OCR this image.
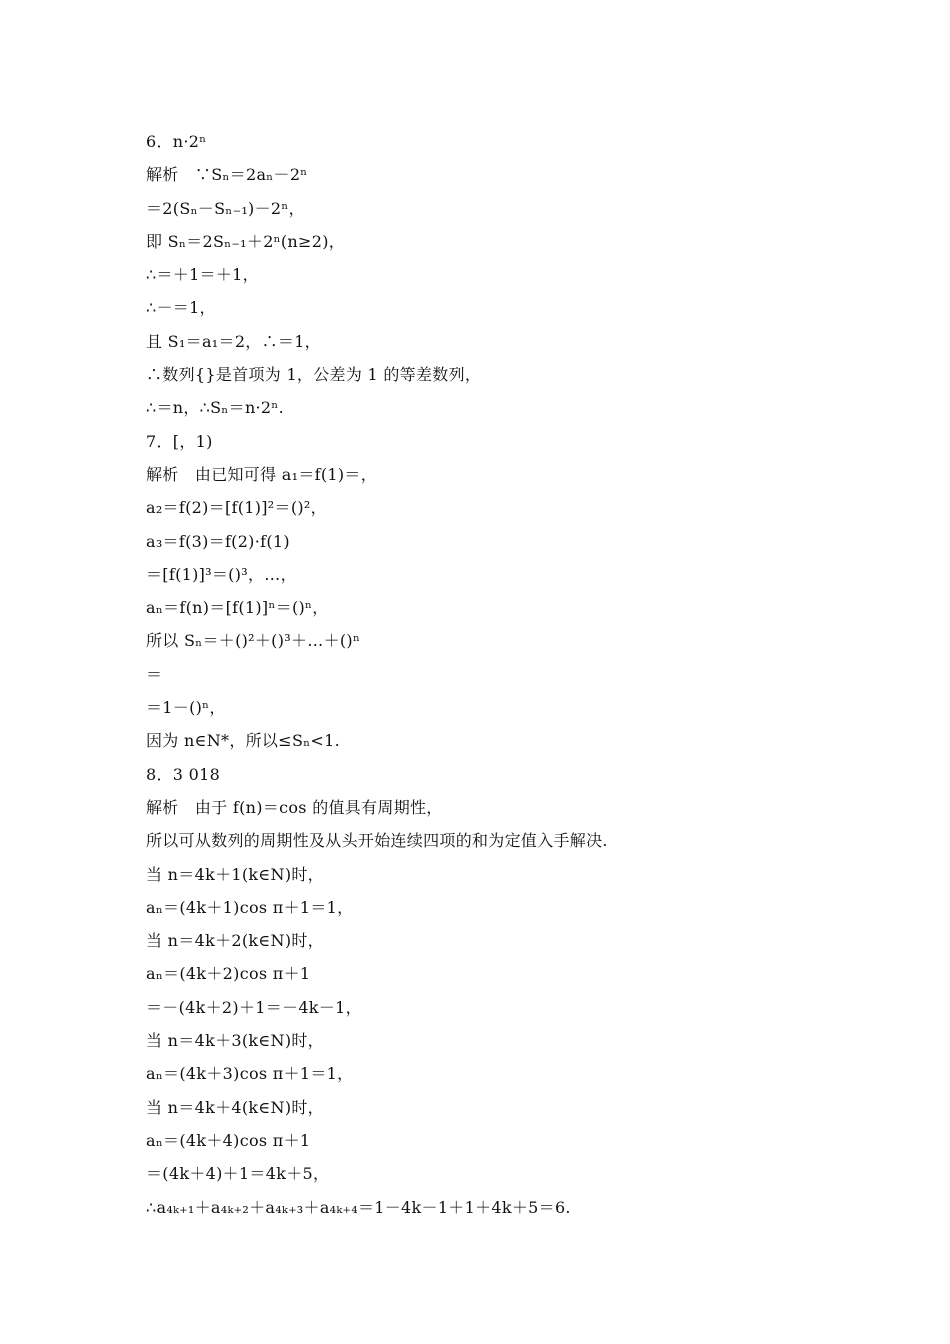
6．n·2ⁿ
解析　∵Sₙ＝2aₙ－2ⁿ
＝2(Sₙ－Sₙ₋₁)－2ⁿ，
即 Sₙ＝2Sₙ₋₁＋2ⁿ(n≥2)，
∴＝＋1＝＋1，
∴－＝1，
且 S₁＝a₁＝2，∴＝1，
∴数列{}是首项为 1，公差为 1 的等差数列，
∴＝n，∴Sₙ＝n·2ⁿ.
7．[，1)
解析　由已知可得 a₁＝f(1)＝，
a₂＝f(2)＝[f(1)]²＝()²，
a₃＝f(3)＝f(2)·f(1)
＝[f(1)]³＝()³，…，
aₙ＝f(n)＝[f(1)]ⁿ＝()ⁿ，
所以 Sₙ＝＋()²＋()³＋…＋()ⁿ
＝
＝1－()ⁿ，
因为 n∈N*，所以≤Sₙ<1.
8．3 018
解析　由于 f(n)＝cos 的值具有周期性，
所以可从数列的周期性及从头开始连续四项的和为定值入手解决.
当 n＝4k＋1(k∈N)时，
aₙ＝(4k＋1)cos π＋1＝1，
当 n＝4k＋2(k∈N)时，
aₙ＝(4k＋2)cos π＋1
＝－(4k＋2)＋1＝－4k－1，
当 n＝4k＋3(k∈N)时，
aₙ＝(4k＋3)cos π＋1＝1，
当 n＝4k＋4(k∈N)时，
aₙ＝(4k＋4)cos π＋1
＝(4k＋4)＋1＝4k＋5，
∴a₄ₖ₊₁＋a₄ₖ₊₂＋a₄ₖ₊₃＋a₄ₖ₊₄＝1－4k－1＋1＋4k＋5＝6.
